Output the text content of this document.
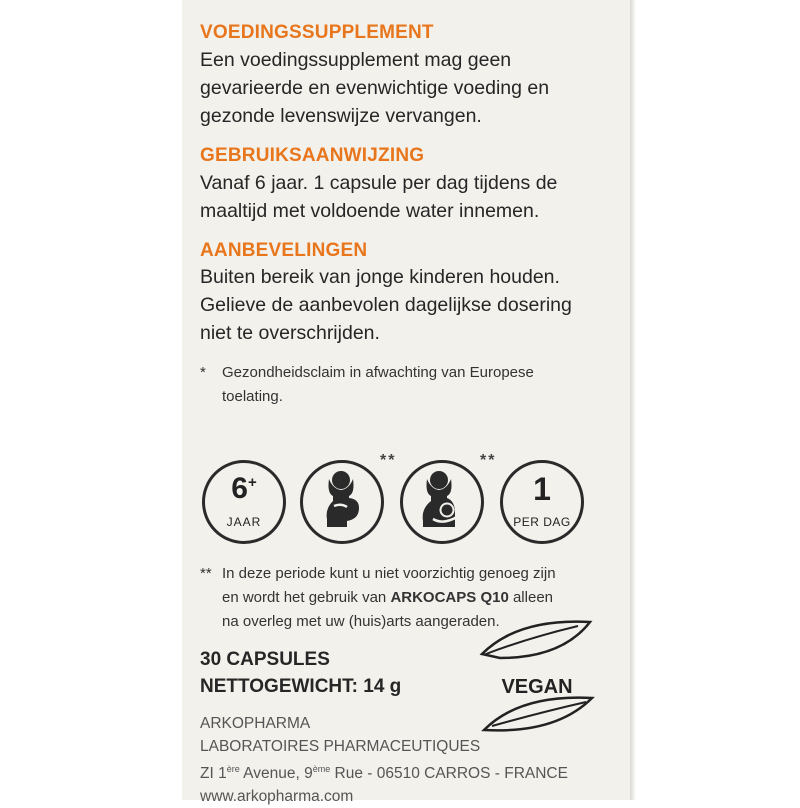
VOEDINGSSUPPLEMENT
Een voedingssupplement mag geen
gevarieerde en evenwichtige voeding en
gezonde levenswijze vervangen.
GEBRUIKSAANWIJZING
Vanaf 6 jaar. 1 capsule per dag tijdens de
maaltijd met voldoende water innemen.
AANBEVELINGEN
Buiten bereik van jonge kinderen houden.
Gelieve de aanbevolen dagelijkse dosering
niet te overschrijden.
* Gezondheidsclaim in afwachting van Europese
toelating.
6+
JAAR
**	**
1
PER DAG
** In deze periode kunt u niet voorzichtig genoeg zijn
en wordt het gebruik van ARKOCAPS Q10 alleen
na overleg met uw (huis)arts aangeraden.
30 CAPSULES
NETTOGEWICHT: 14 g	VEGAN
ARKOPHARMA
LABORATOIRES PHARMACEUTIQUES
ZI 1ère Avenue, 9ème Rue - 06510 CARROS - FRANCE
www.arkopharma.com
